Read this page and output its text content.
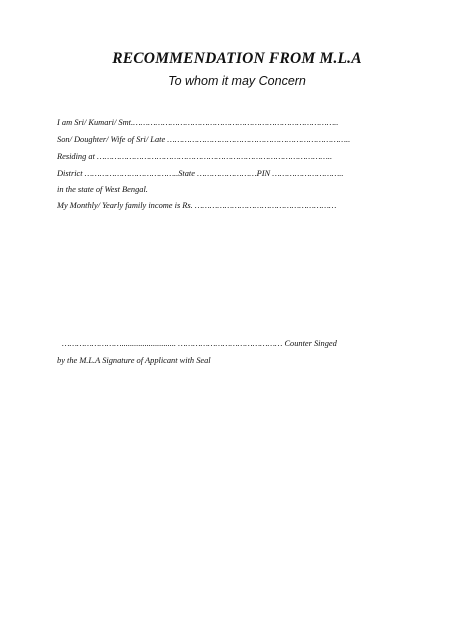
RECOMMENDATION FROM M.L.A
To whom it may Concern
I am Sri/ Kumari/ Smt.………………………………………………………………………..
Son/ Doughter/ Wife of Sri/ Late ………………………………………………………………..
Residing at …………………………………………………………………………………..
District ………………………………..State ……………………PIN ………………………..
in the state of West Bengal.
My Monthly/ Yearly family income is Rs. …………………………………………………
…………………….......................... …………………………………… Counter Singed
by the M.L.A Signature of Applicant with Seal
